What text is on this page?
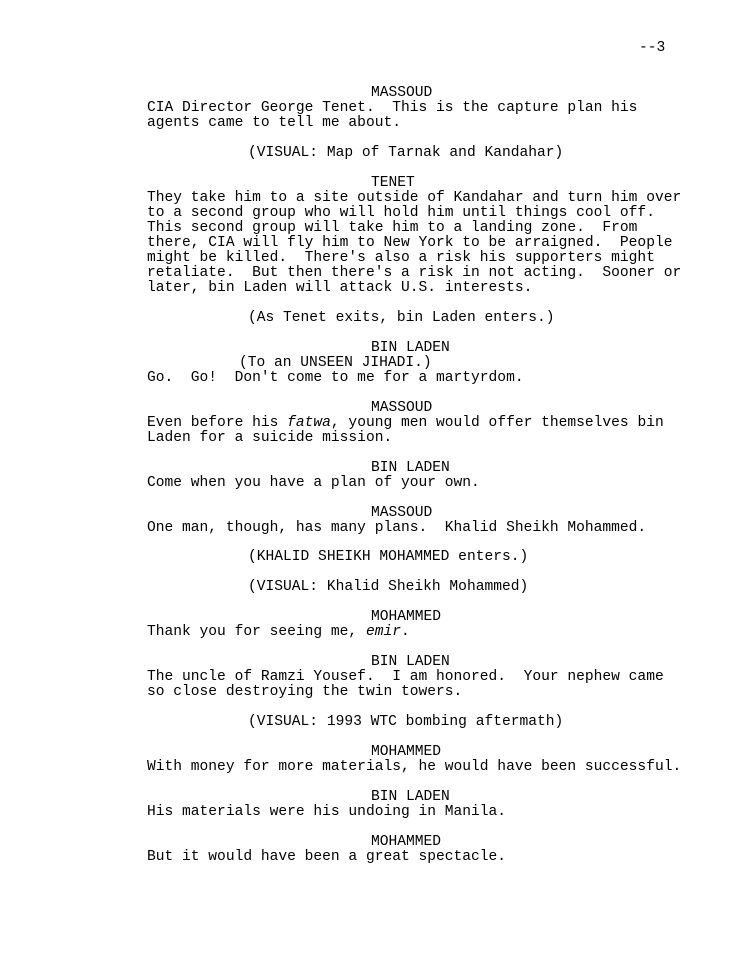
--3
MASSOUD
CIA Director George Tenet.  This is the capture plan his
agents came to tell me about.
(VISUAL: Map of Tarnak and Kandahar)
TENET
They take him to a site outside of Kandahar and turn him over
to a second group who will hold him until things cool off.
This second group will take him to a landing zone.  From
there, CIA will fly him to New York to be arraigned.  People
might be killed.  There's also a risk his supporters might
retaliate.  But then there's a risk in not acting.  Sooner or
later, bin Laden will attack U.S. interests.
(As Tenet exits, bin Laden enters.)
BIN LADEN
(To an UNSEEN JIHADI.)
Go.  Go!  Don't come to me for a martyrdom.
MASSOUD
Even before his fatwa, young men would offer themselves bin
Laden for a suicide mission.
BIN LADEN
Come when you have a plan of your own.
MASSOUD
One man, though, has many plans.  Khalid Sheikh Mohammed.
(KHALID SHEIKH MOHAMMED enters.)
(VISUAL: Khalid Sheikh Mohammed)
MOHAMMED
Thank you for seeing me, emir.
BIN LADEN
The uncle of Ramzi Yousef.  I am honored.  Your nephew came
so close destroying the twin towers.
(VISUAL: 1993 WTC bombing aftermath)
MOHAMMED
With money for more materials, he would have been successful.
BIN LADEN
His materials were his undoing in Manila.
MOHAMMED
But it would have been a great spectacle.
